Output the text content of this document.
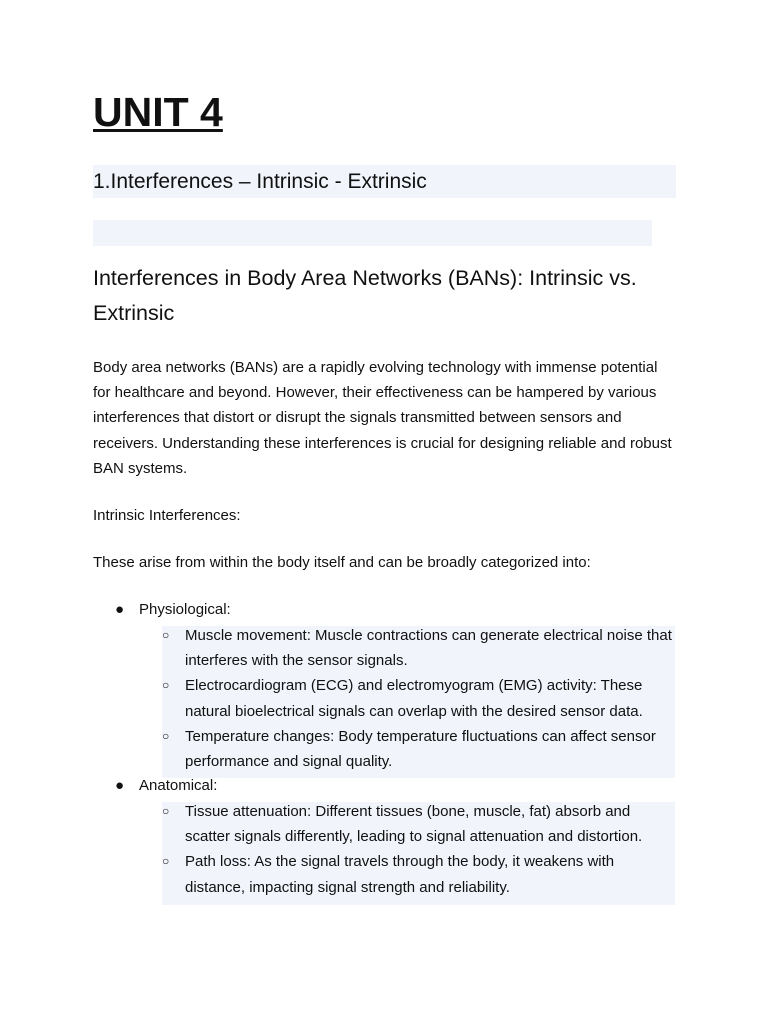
UNIT 4
1.Interferences – Intrinsic - Extrinsic
Interferences in Body Area Networks (BANs): Intrinsic vs. Extrinsic

Body area networks (BANs) are a rapidly evolving technology with immense potential for healthcare and beyond. However, their effectiveness can be hampered by various interferences that distort or disrupt the signals transmitted between sensors and receivers. Understanding these interferences is crucial for designing reliable and robust BAN systems.

Intrinsic Interferences:

These arise from within the body itself and can be broadly categorized into:

● Physiological:
○ Muscle movement: Muscle contractions can generate electrical noise that interferes with the sensor signals.
○ Electrocardiogram (ECG) and electromyogram (EMG) activity: These natural bioelectrical signals can overlap with the desired sensor data.
○ Temperature changes: Body temperature fluctuations can affect sensor performance and signal quality.
● Anatomical:
○ Tissue attenuation: Different tissues (bone, muscle, fat) absorb and scatter signals differently, leading to signal attenuation and distortion.
○ Path loss: As the signal travels through the body, it weakens with distance, impacting signal strength and reliability.
